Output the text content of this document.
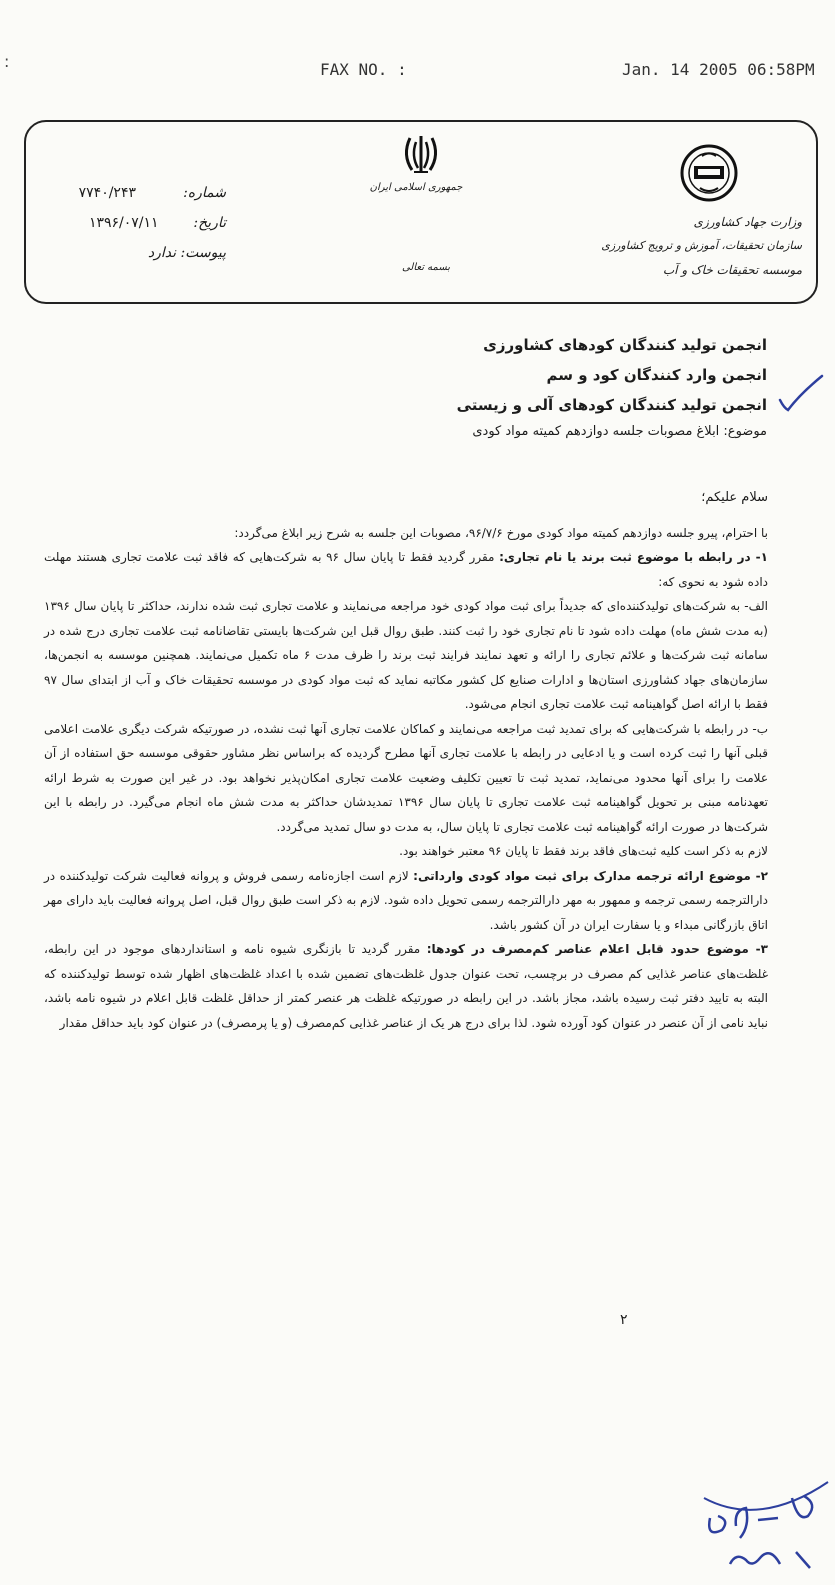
:	FAX NO. :	Jan. 14 2005 06:58PM
جمهوری اسلامی ایران
بسمه تعالی
شماره: ۷۷۴۰/۲۴۳
تاریخ: ۱۳۹۶/۰۷/۱۱
پیوست: ندارد
وزارت جهاد کشاورزی
سازمان تحقیقات، آموزش و ترویج کشاورزی
موسسه تحقیقات خاک و آب
انجمن تولید کنندگان کودهای کشاورزی
انجمن وارد کنندگان کود و سم
انجمن تولید کنندگان کودهای آلی و زیستی
موضوع: ابلاغ مصوبات جلسه دوازدهم کمیته مواد کودی

سلام علیکم؛

با احترام، پیرو جلسه دوازدهم کمیته مواد کودی مورخ ۹۶/۷/۶، مصوبات این جلسه به شرح زیر ابلاغ می‌گردد:

۱- در رابطه با موضوع ثبت برند یا نام تجاری: مقرر گردید فقط تا پایان سال ۹۶ به شرکت‌هایی که فاقد ثبت علامت تجاری هستند مهلت داده شود به نحوی که:

الف- به شرکت‌های تولیدکننده‌ای که جدیداً برای ثبت مواد کودی خود مراجعه می‌نمایند و علامت تجاری ثبت شده ندارند، حداکثر تا پایان سال ۱۳۹۶ (به مدت شش ماه) مهلت داده شود تا نام تجاری خود را ثبت کنند. طبق روال قبل این شرکت‌ها بایستی تقاضانامه ثبت علامت تجاری درج شده در سامانه ثبت شرکت‌ها و علائم تجاری را ارائه و تعهد نمایند فرایند ثبت برند را ظرف مدت ۶ ماه تکمیل می‌نمایند. همچنین موسسه به انجمن‌ها، سازمان‌های جهاد کشاورزی استان‌ها و ادارات صنایع کل کشور مکاتبه نماید که ثبت مواد کودی در موسسه تحقیقات خاک و آب از ابتدای سال ۹۷ فقط با ارائه اصل گواهینامه ثبت علامت تجاری انجام می‌شود.

ب- در رابطه با شرکت‌هایی که برای تمدید ثبت مراجعه می‌نمایند و کماکان علامت تجاری آنها ثبت نشده، در صورتیکه شرکت دیگری علامت اعلامی قبلی آنها را ثبت کرده است و یا ادعایی در رابطه با علامت تجاری آنها مطرح گردیده که براساس نظر مشاور حقوقی موسسه حق استفاده از آن علامت را برای آنها محدود می‌نماید، تمدید ثبت تا تعیین تکلیف وضعیت علامت تجاری امکان‌پذیر نخواهد بود. در غیر این صورت به شرط ارائه تعهدنامه مبنی بر تحویل گواهینامه ثبت علامت تجاری تا پایان سال ۱۳۹۶ تمدیدشان حداکثر به مدت شش ماه انجام می‌گیرد. در رابطه با این شرکت‌ها در صورت ارائه گواهینامه ثبت علامت تجاری تا پایان سال، به مدت دو سال تمدید می‌گردد.

لازم به ذکر است کلیه ثبت‌های فاقد برند فقط تا پایان ۹۶ معتبر خواهند بود.

۲- موضوع ارائه ترجمه مدارک برای ثبت مواد کودی وارداتی: لازم است اجازه‌نامه رسمی فروش و پروانه فعالیت شرکت تولیدکننده در دارالترجمه رسمی ترجمه و ممهور به مهر دارالترجمه رسمی تحویل داده شود. لازم به ذکر است طبق روال قبل، اصل پروانه فعالیت باید دارای مهر اتاق بازرگانی مبداء و یا سفارت ایران در آن کشور باشد.

۳- موضوع حدود قابل اعلام عناصر کم‌مصرف در کودها: مقرر گردید تا بازنگری شیوه نامه و استانداردهای موجود در این رابطه، غلظت‌های عناصر غذایی کم مصرف در برچسب، تحت عنوان جدول غلظت‌های تضمین شده با اعداد غلظت‌های اظهار شده توسط تولیدکننده که البته به تایید دفتر ثبت رسیده باشد، مجاز باشد. در این رابطه در صورتیکه غلظت هر عنصر کمتر از حداقل غلظت قابل اعلام در شیوه نامه باشد، نباید نامی از آن عنصر در عنوان کود آورده شود. لذا برای درج هر یک از عناصر غذایی کم‌مصرف (و یا پرمصرف) در عنوان کود باید حداقل مقدار

۲
